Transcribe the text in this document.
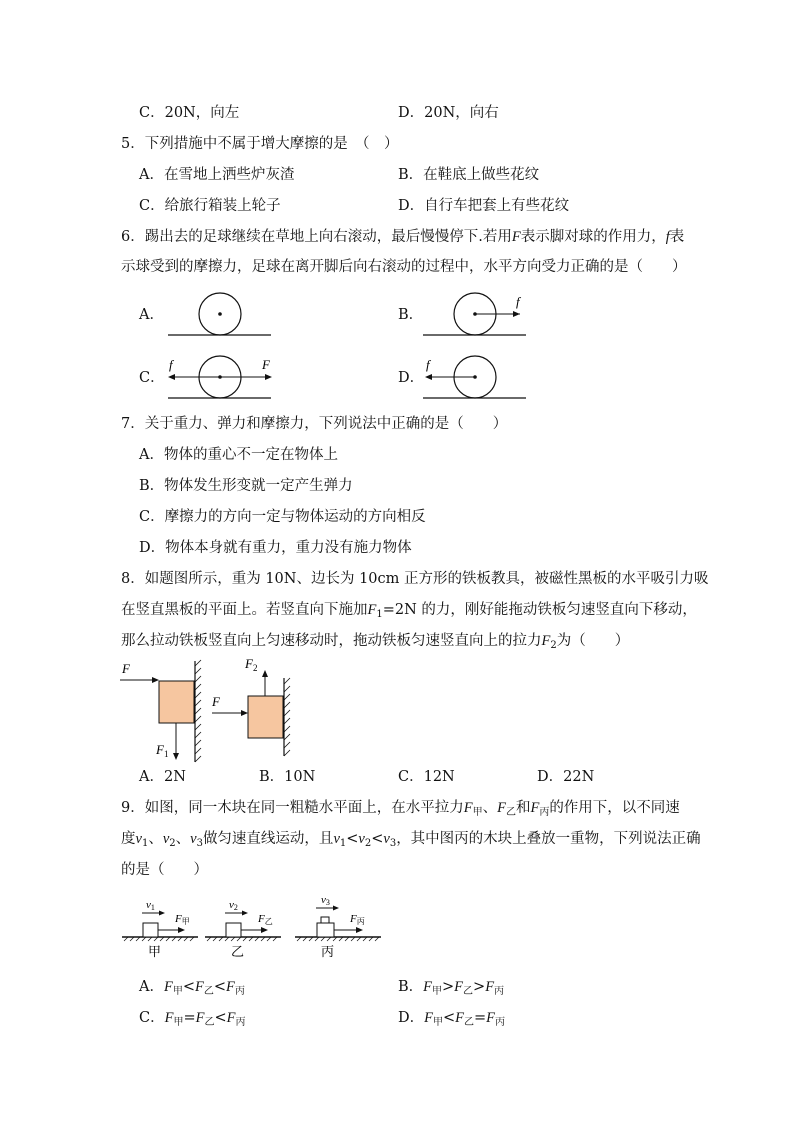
C．20N，向左	D．20N，向右
5．下列措施中不属于增大摩擦的是　（　）
A．在雪地上洒些炉灰渣	B．在鞋底上做些花纹
C．给旅行箱装上轮子	D．自行车把套上有些花纹
6．踢出去的足球继续在草地上向右滚动，最后慢慢停下.若用F表示脚对球的作用力，f表
示球受到的摩擦力，足球在离开脚后向右滚动的过程中，水平方向受力正确的是（　　）
A．	B．
f
C．
f	F
D．
f
7．关于重力、弹力和摩擦力，下列说法中正确的是（　　）
A．物体的重心不一定在物体上
B．物体发生形变就一定产生弹力
C．摩擦力的方向一定与物体运动的方向相反
D．物体本身就有重力，重力没有施力物体
8．如题图所示，重为 10N、边长为 10cm 正方形的铁板教具，被磁性黑板的水平吸引力吸
在竖直黑板的平面上。若竖直向下施加$F_1=2N$ 的力，刚好能拖动铁板匀速竖直向下移动，
那么拉动铁板竖直向上匀速移动时，拖动铁板匀速竖直向上的拉力$F_2$为（　　）
F
$F_1$
F
$F_2$
A．2N	B．10N	C．12N	D．22N
9．如图，同一木块在同一粗糙水平面上，在水平拉力$F_甲$、$F_乙$和$F_丙$的作用下，以不同速
度$v_1$、$v_2$、$v_3$做匀速直线运动，且$v_1<v_2<v_3$，其中图丙的木块上叠放一重物，下列说法正确
的是（　　）
v1
F甲
甲
v2
F乙
乙
v3
F丙
丙
A．$F_甲<F_乙<F_丙$	B．$F_甲>F_乙>F_丙$
C．$F_甲=F_乙<F_丙$	D．$F_甲<F_乙=F_丙$
